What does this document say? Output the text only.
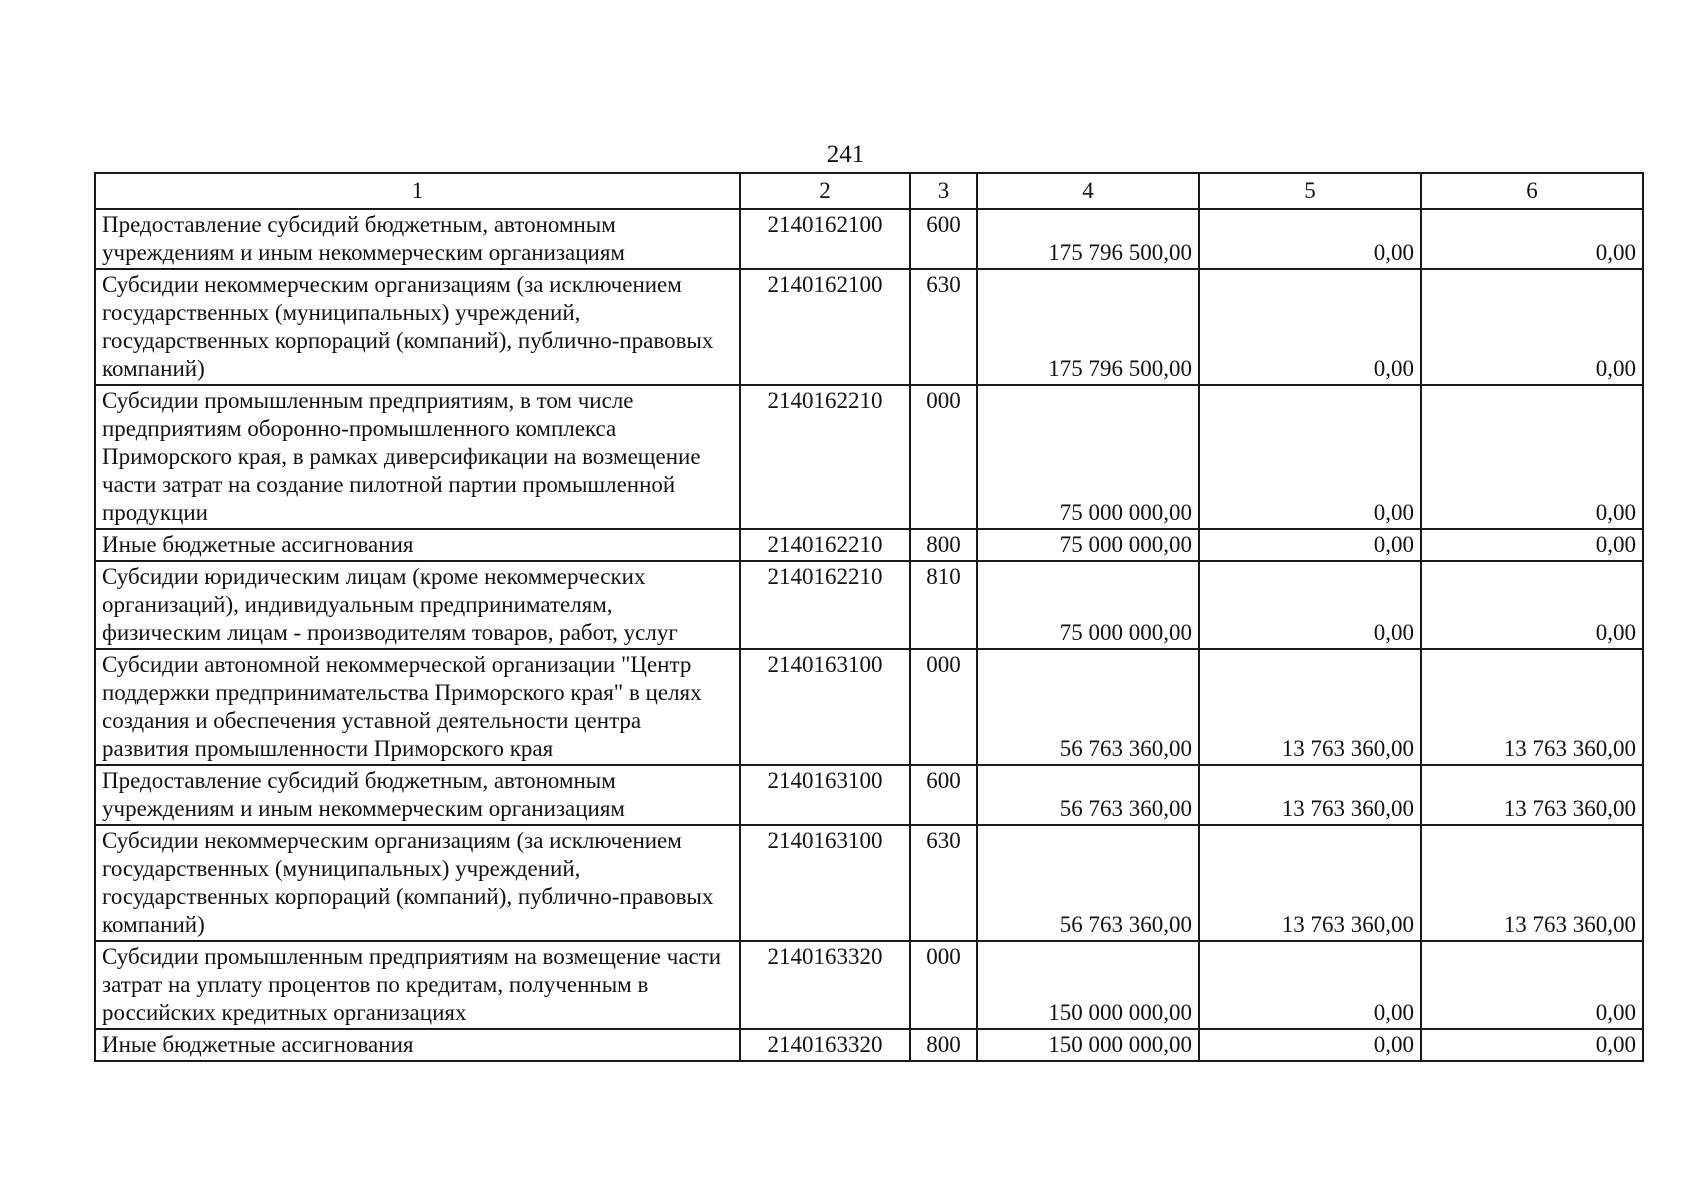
241
1	2	3	4	5	6
Предоставление субсидий бюджетным, автономным учреждениям и иным некоммерческим организациям	2140162100	600	175 796 500,00	0,00	0,00
Субсидии некоммерческим организациям (за исключением государственных (муниципальных) учреждений, государственных корпораций (компаний), публично-правовых компаний)	2140162100	630	175 796 500,00	0,00	0,00
Субсидии промышленным предприятиям, в том числе предприятиям оборонно-промышленного комплекса Приморского края, в рамках диверсификации на возмещение части затрат на создание пилотной партии промышленной продукции	2140162210	000	75 000 000,00	0,00	0,00
Иные бюджетные ассигнования	2140162210	800	75 000 000,00	0,00	0,00
Субсидии юридическим лицам (кроме некоммерческих организаций), индивидуальным предпринимателям, физическим лицам - производителям товаров, работ, услуг	2140162210	810	75 000 000,00	0,00	0,00
Субсидии автономной некоммерческой организации "Центр поддержки предпринимательства Приморского края" в целях создания и обеспечения уставной деятельности центра развития промышленности Приморского края	2140163100	000	56 763 360,00	13 763 360,00	13 763 360,00
Предоставление субсидий бюджетным, автономным учреждениям и иным некоммерческим организациям	2140163100	600	56 763 360,00	13 763 360,00	13 763 360,00
Субсидии некоммерческим организациям (за исключением государственных (муниципальных) учреждений, государственных корпораций (компаний), публично-правовых компаний)	2140163100	630	56 763 360,00	13 763 360,00	13 763 360,00
Субсидии промышленным предприятиям на возмещение части затрат на уплату процентов по кредитам, полученным в российских кредитных организациях	2140163320	000	150 000 000,00	0,00	0,00
Иные бюджетные ассигнования	2140163320	800	150 000 000,00	0,00	0,00
